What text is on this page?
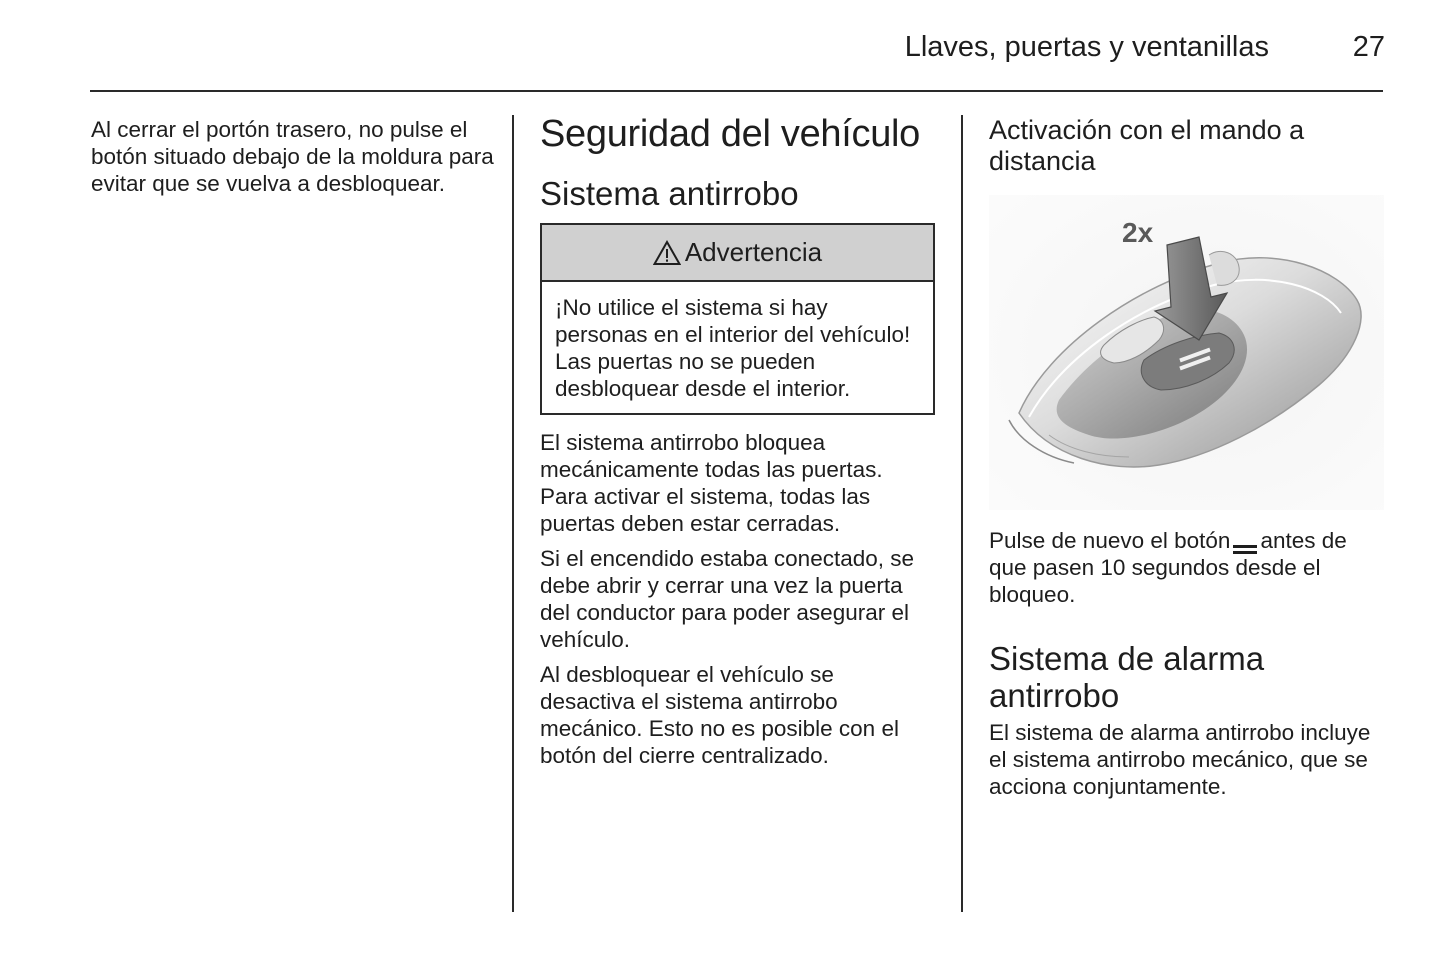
Llaves, puertas y ventanillas	27

Al cerrar el portón trasero, no pulse el botón situado debajo de la moldura para evitar que se vuelva a desbloquear.

Seguridad del vehículo
Sistema antirrobo
Advertencia
¡No utilice el sistema si hay personas en el interior del vehículo! Las puertas no se pueden desbloquear desde el interior.

El sistema antirrobo bloquea mecánicamente todas las puertas. Para activar el sistema, todas las puertas deben estar cerradas.

Si el encendido estaba conectado, se debe abrir y cerrar una vez la puerta del conductor para poder asegurar el vehículo.

Al desbloquear el vehículo se desactiva el sistema antirrobo mecánico. Esto no es posible con el botón del cierre centralizado.

Activación con el mando a distancia
2x

Pulse de nuevo el botón antes de que pasen 10 segundos desde el bloqueo.

Sistema de alarma antirrobo

El sistema de alarma antirrobo incluye el sistema antirrobo mecánico, que se acciona conjuntamente.
